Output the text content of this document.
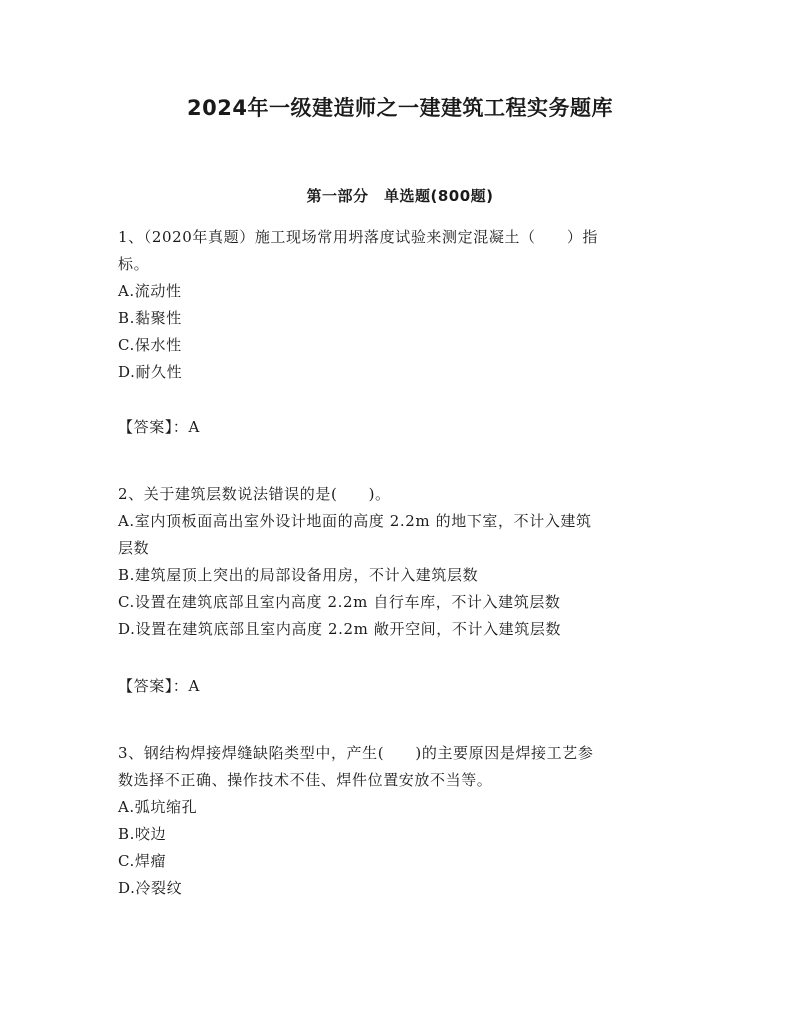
2024年一级建造师之一建建筑工程实务题库
第一部分　单选题(800题)
1、（2020年真题）施工现场常用坍落度试验来测定混凝土（　　）指
标。
A.流动性
B.黏聚性
C.保水性
D.耐久性
【答案】：A
2、关于建筑层数说法错误的是(　　)。
A.室内顶板面高出室外设计地面的高度 2.2m 的地下室，不计入建筑
层数
B.建筑屋顶上突出的局部设备用房，不计入建筑层数
C.设置在建筑底部且室内高度 2.2m 自行车库，不计入建筑层数
D.设置在建筑底部且室内高度 2.2m 敞开空间，不计入建筑层数
【答案】：A
3、钢结构焊接焊缝缺陷类型中，产生(　　)的主要原因是焊接工艺参
数选择不正确、操作技术不佳、焊件位置安放不当等。
A.弧坑缩孔
B.咬边
C.焊瘤
D.冷裂纹
